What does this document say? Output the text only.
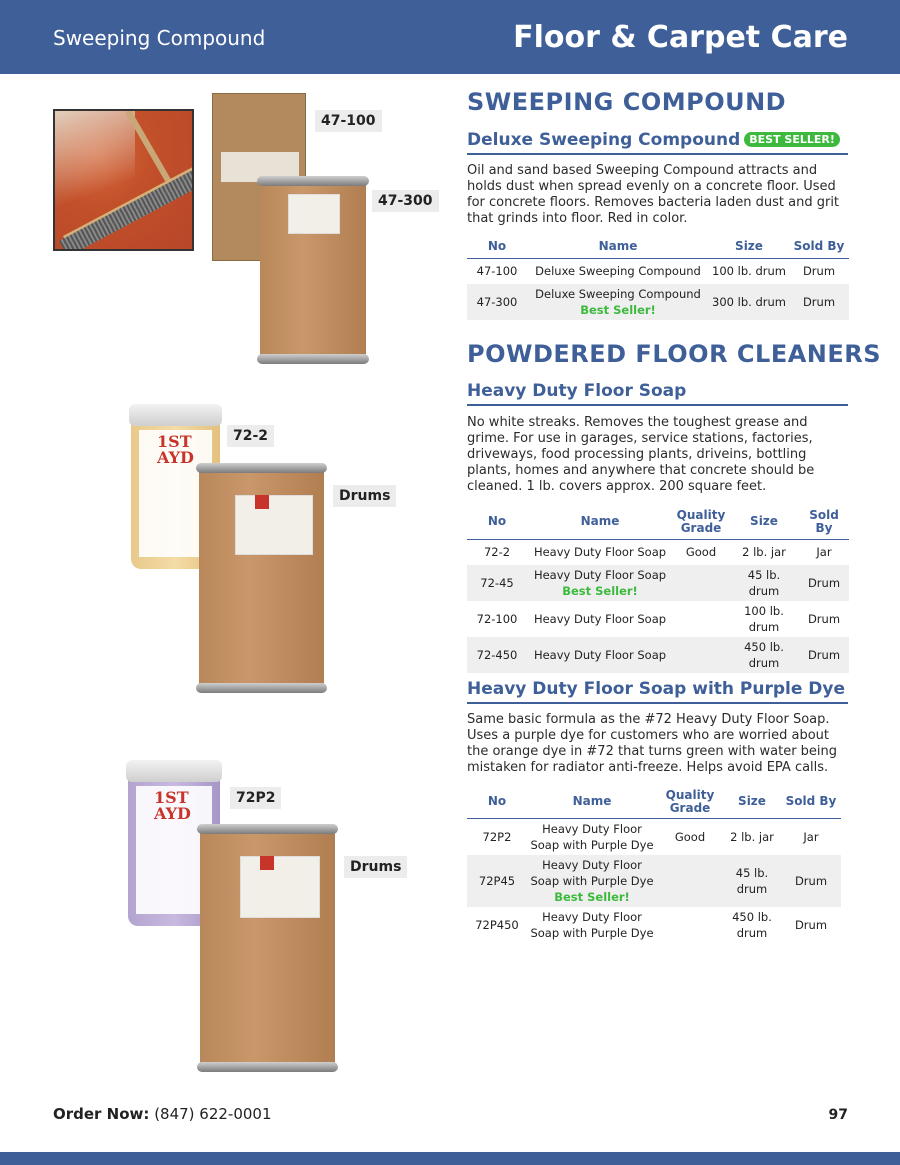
Sweeping Compound	Floor & Carpet Care
47-100
47-300
1ST
AYD
72-2
Drums
1ST
AYD
72P2
Drums
SWEEPING COMPOUND
Deluxe Sweeping Compound BEST SELLER!
Oil and sand based Sweeping Compound attracts and holds dust when spread evenly on a concrete floor. Used for concrete floors. Removes bacteria laden dust and grit that grinds into floor. Red in color.
No	Name	Size	Sold By
47-100	Deluxe Sweeping Compound	100 lb. drum	Drum
47-300	Deluxe Sweeping Compound
Best Seller!	300 lb. drum	Drum
POWDERED FLOOR CLEANERS
Heavy Duty Floor Soap
No white streaks. Removes the toughest grease and grime. For use in garages, service stations, factories, driveways, food processing plants, driveins, bottling plants, homes and anywhere that concrete should be cleaned. 1 lb. covers approx. 200 square feet.
No	Name	Quality Grade	Size	Sold By
72-2	Heavy Duty Floor Soap	Good	2 lb. jar	Jar
72-45	Heavy Duty Floor Soap
Best Seller!		45 lb. drum	Drum
72-100	Heavy Duty Floor Soap		100 lb. drum	Drum
72-450	Heavy Duty Floor Soap		450 lb. drum	Drum
Heavy Duty Floor Soap with Purple Dye
Same basic formula as the #72 Heavy Duty Floor Soap. Uses a purple dye for customers who are worried about the orange dye in #72 that turns green with water being mistaken for radiator anti-freeze. Helps avoid EPA calls.
No	Name	Quality Grade	Size	Sold By
72P2	Heavy Duty Floor Soap with Purple Dye	Good	2 lb. jar	Jar
72P45	Heavy Duty Floor Soap with Purple Dye
Best Seller!		45 lb. drum	Drum
72P450	Heavy Duty Floor Soap with Purple Dye		450 lb. drum	Drum
Order Now: (847) 622-0001	97
